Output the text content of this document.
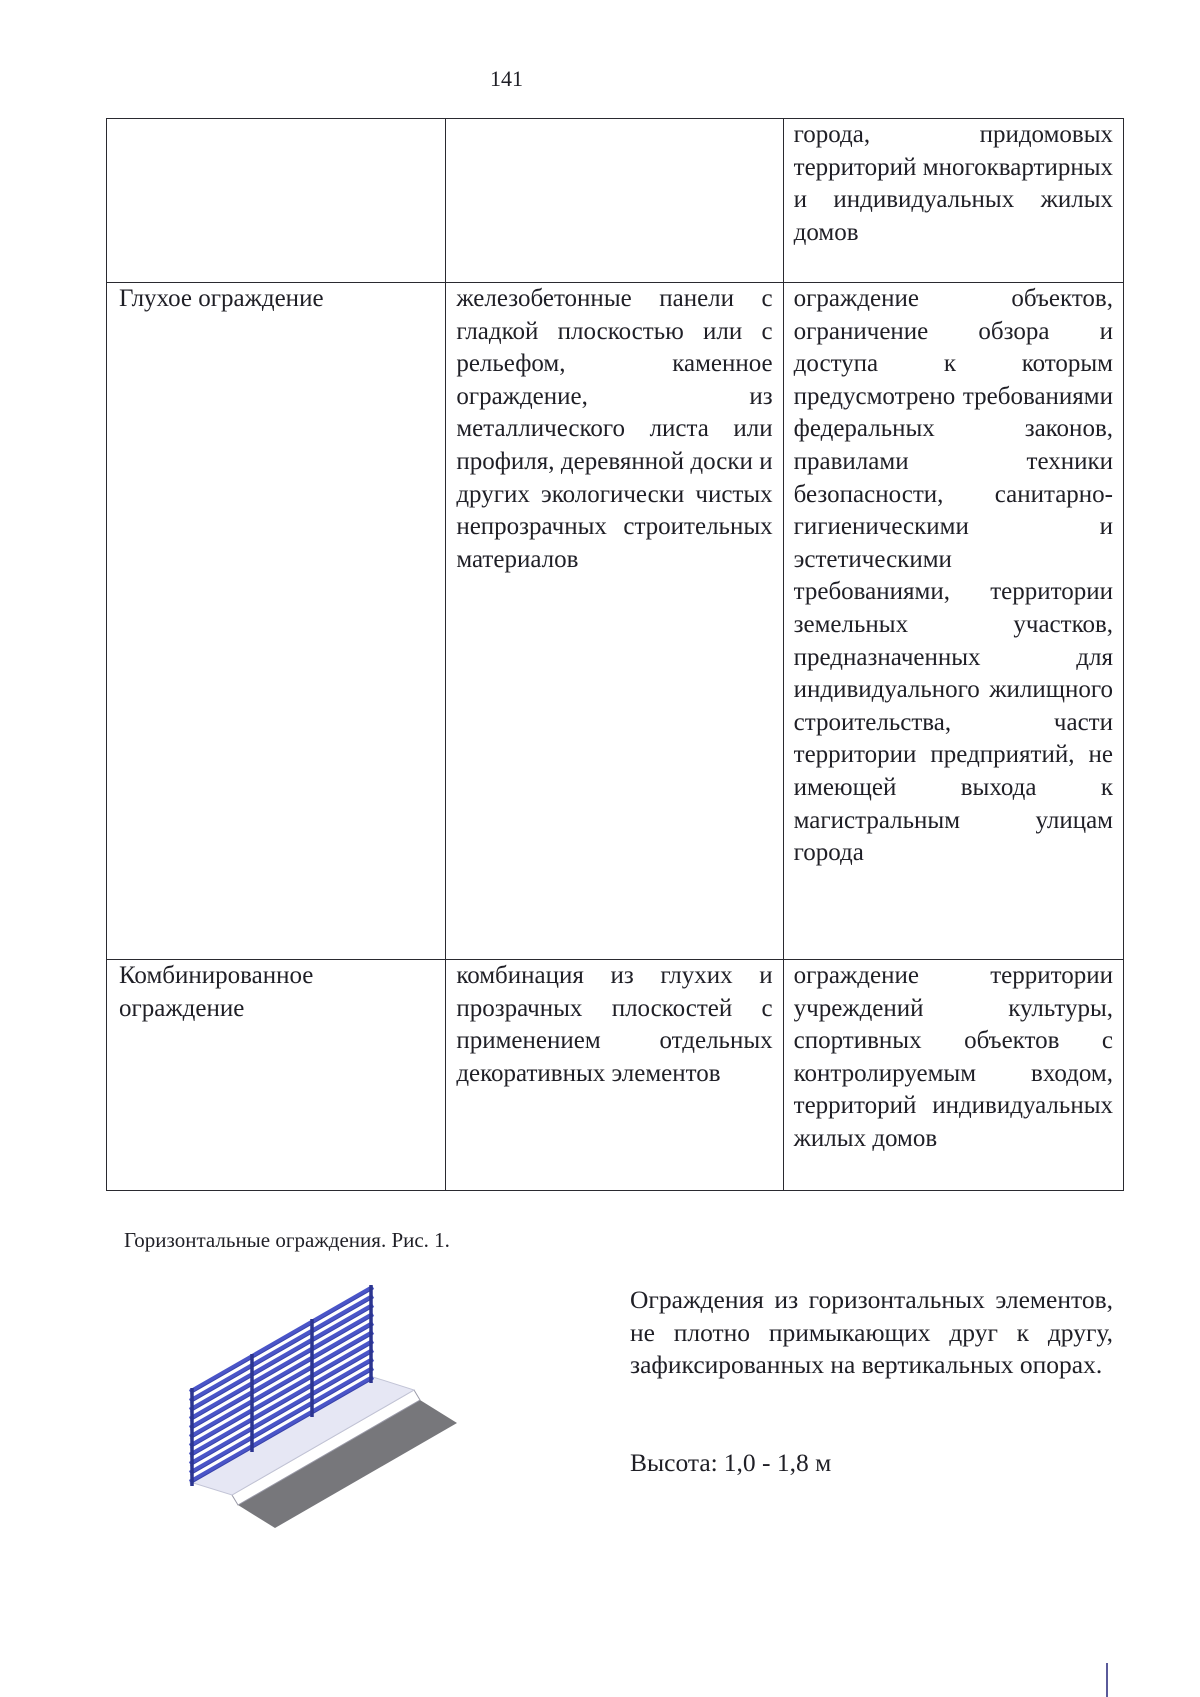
141

		города, придомовых территорий многоквартирных и индивидуальных жилых домов

Глухое ограждение	железобетонные панели с гладкой плоскостью или с рельефом, каменное ограждение, из металлического листа или профиля, деревянной доски и других экологически чистых непрозрачных строительных материалов	ограждение объектов, ограничение обзора и доступа к которым предусмотрено требованиями федеральных законов, правилами техники безопасности, санитарно-гигиеническими и эстетическими требованиями, территории земельных участков, предназначенных для индивидуального жилищного строительства, части территории предприятий, не имеющей выхода к магистральным улицам города

Комбинированное ограждение	комбинация из глухих и прозрачных плоскостей с применением отдельных декоративных элементов	ограждение территории учреждений культуры, спортивных объектов с контролируемым входом, территорий индивидуальных жилых домов
Горизонтальные ограждения. Рис. 1.
Ограждения из горизонтальных элементов, не плотно примыкающих друг к другу, зафиксированных на вертикальных опорах.
Высота: 1,0 - 1,8 м
